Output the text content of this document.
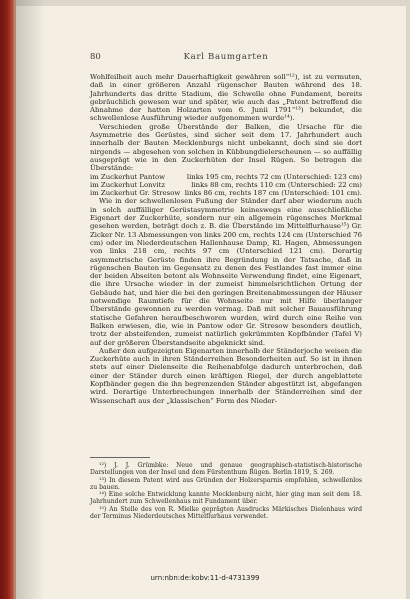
80	Karl Baumgarten

Wohlfeilheit auch mehr Dauerhaftigkeit gewähren soll“¹²), ist zu vermuten, daß in einer größeren Anzahl rügenscher Bauten während des 18. Jahrhunderts das dritte Stadium, die Schwelle ohne Fundament, bereits gebräuchlich gewesen war und später, wie auch das „Patent betreffend die Abnahme der hatten Holzarten vom 6. Junii 1791“¹³) bekundet, die schwellenlose Ausführung wieder aufgenommen wurde¹⁴).

Verschieden große Überstände der Balken, die Ursache für die Asymmetrie des Gerüstes, sind sicher seit dem 17. Jahrhundert auch innerhalb der Bauten Mecklenburgs nicht unbekannt, doch sind sie dort nirgends — abgesehen von solchen in Kübbungdielerscheunen — so auffällig ausgeprägt wie in den Zuckerhüten der Insel Rügen. So betragen die Überstände:

im Zuckerhut Pantow	links 195 cm, rechts 72 cm (Unterschied: 123 cm)
im Zuckerhut Lonvitz	links 88 cm, rechts 110 cm (Unterschied: 22 cm)
im Zuckerhut Gr. Stresow links 86 cm, rechts 187 cm (Unterschied: 101 cm).

Wie in der schwellenlosen Fußung der Ständer darf aber wiederum auch in solch auffälliger Gerüstasymmetrie keineswegs eine ausschließliche Eigenart der Zuckerhüte, sondern nur ein allgemein rügensches Merkmal gesehen werden, beträgt doch z. B. die Überstände im Mittelflurhause¹⁵) Gr. Zicker Nr. 13 Abmessungen von links 200 cm, rechts 124 cm (Unterschied 76 cm) oder im Niederdeutschen Hallenhause Damp, Kl. Hagen, Abmessungen von links 218 cm, rechts 97 cm (Unterschied 121 cm). Derartig asymmetrische Gerüste finden ihre Begründung in der Tatsache, daß in rügenschen Bauten im Gegensatz zu denen des Festlandes fast immer eine der beiden Abseiten betont als Wohnseite Verwendung findet, eine Eigenart, die ihre Ursache wieder in der zumeist himmelsrichtlichen Ortung der Gebäude hat, und hier die bei den geringen Breitenabmessungen der Häuser notwendige Raumtiefe für die Wohnseite nur mit Hilfe überlanger Überstände gewonnen zu werden vermag. Daß mit solcher Bauausführung statische Gefahren heraufbeschworen wurden, wird durch eine Reihe von Balken erwiesen, die, wie in Pantow oder Gr. Stresow besonders deutlich, trotz der absteifenden, zumeist natürlich gekrümmten Kopfbänder (Tafel V) auf der größeren Überstandseite abgeknickt sind.

Außer den aufgezeigten Eigenarten innerhalb der Ständerjoche weisen die Zuckerhüte auch in ihren Ständerreihen Besonderheiten auf. So ist in ihnen stets auf einer Dielenseite die Reihenabfolge dadurch unterbrochen, daß einer der Ständer durch einen kräftigen Riegel, der durch angeblattete Kopfbänder gegen die ihn begrenzenden Ständer abgestützt ist, abgefangen wird. Derartige Unterbrechungen innerhalb der Ständerreihen sind der Wissenschaft aus der „klassischen“ Form des Nieder-

¹²) J. J. Grümbke: Neue und genaue geographisch-statistisch-historische Darstellungen von der Insel und dem Fürstenthum Rügen. Berlin 1819, S. 269.

¹³) In diesem Patent wird aus Gründen der Holzersparnis empfohlen, schwellenlos zu bauen.

¹⁴) Eine solche Entwicklung kannte Mecklenburg nicht, hier ging man seit dem 18. Jahrhundert zum Schwellenhaus mit Fundament über.

¹⁵) An Stelle des von R. Mielke geprägten Ausdrucks Märkisches Dielenhaus wird der Terminus Niederdeutsches Mittelflurhaus verwendet.

urn:nbn:de:kobv:11-d-4731399
